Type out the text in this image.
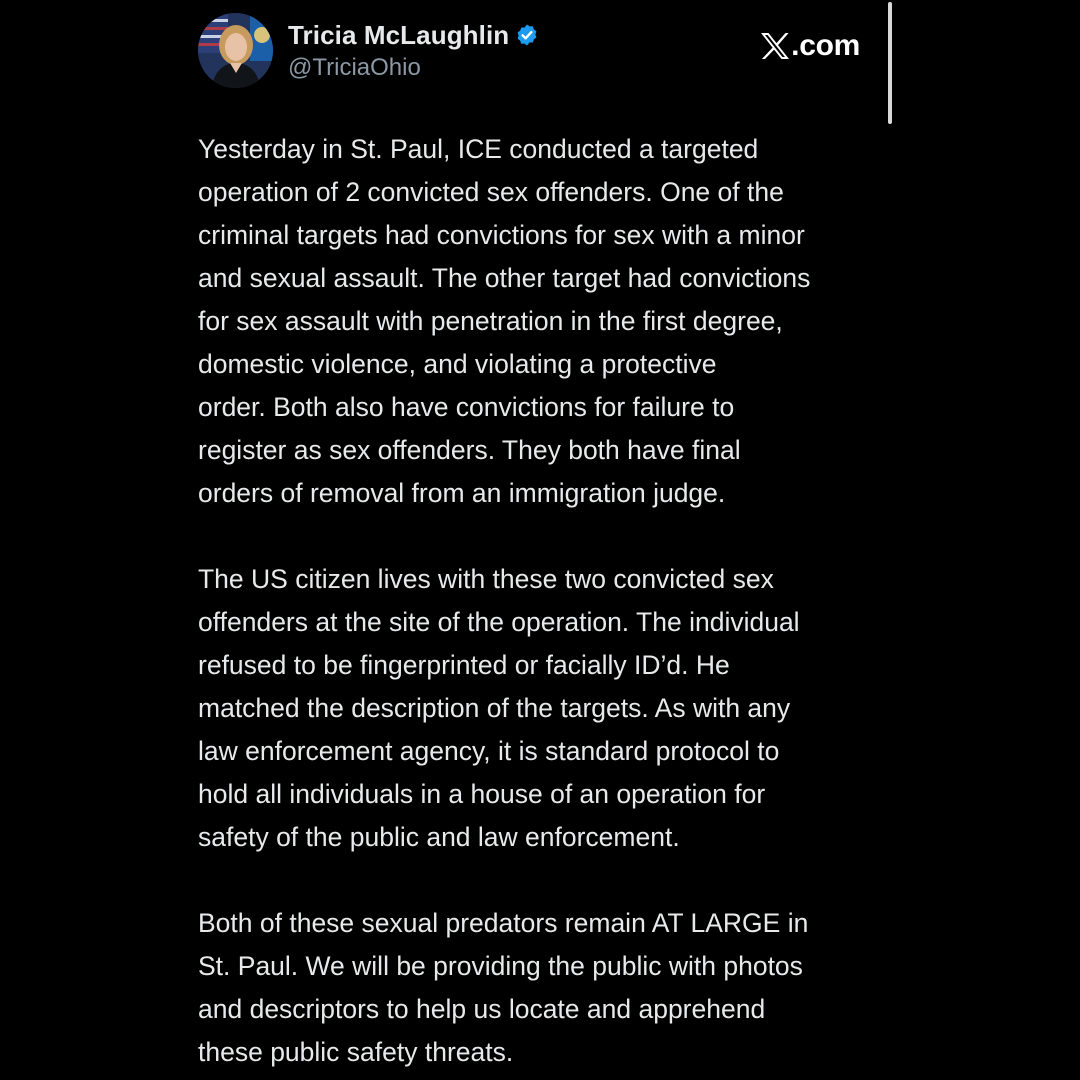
Tricia McLaughlin
@TriciaOhio
.com

Yesterday in St. Paul, ICE conducted a targeted
operation of 2 convicted sex offenders. One of the
criminal targets had convictions for sex with a minor
and sexual assault. The other target had convictions
for sex assault with penetration in the first degree,
domestic violence, and violating a protective
order. Both also have convictions for failure to
register as sex offenders. They both have final
orders of removal from an immigration judge.

The US citizen lives with these two convicted sex
offenders at the site of the operation. The individual
refused to be fingerprinted or facially ID’d. He
matched the description of the targets. As with any
law enforcement agency, it is standard protocol to
hold all individuals in a house of an operation for
safety of the public and law enforcement.

Both of these sexual predators remain AT LARGE in
St. Paul. We will be providing the public with photos
and descriptors to help us locate and apprehend
these public safety threats.
